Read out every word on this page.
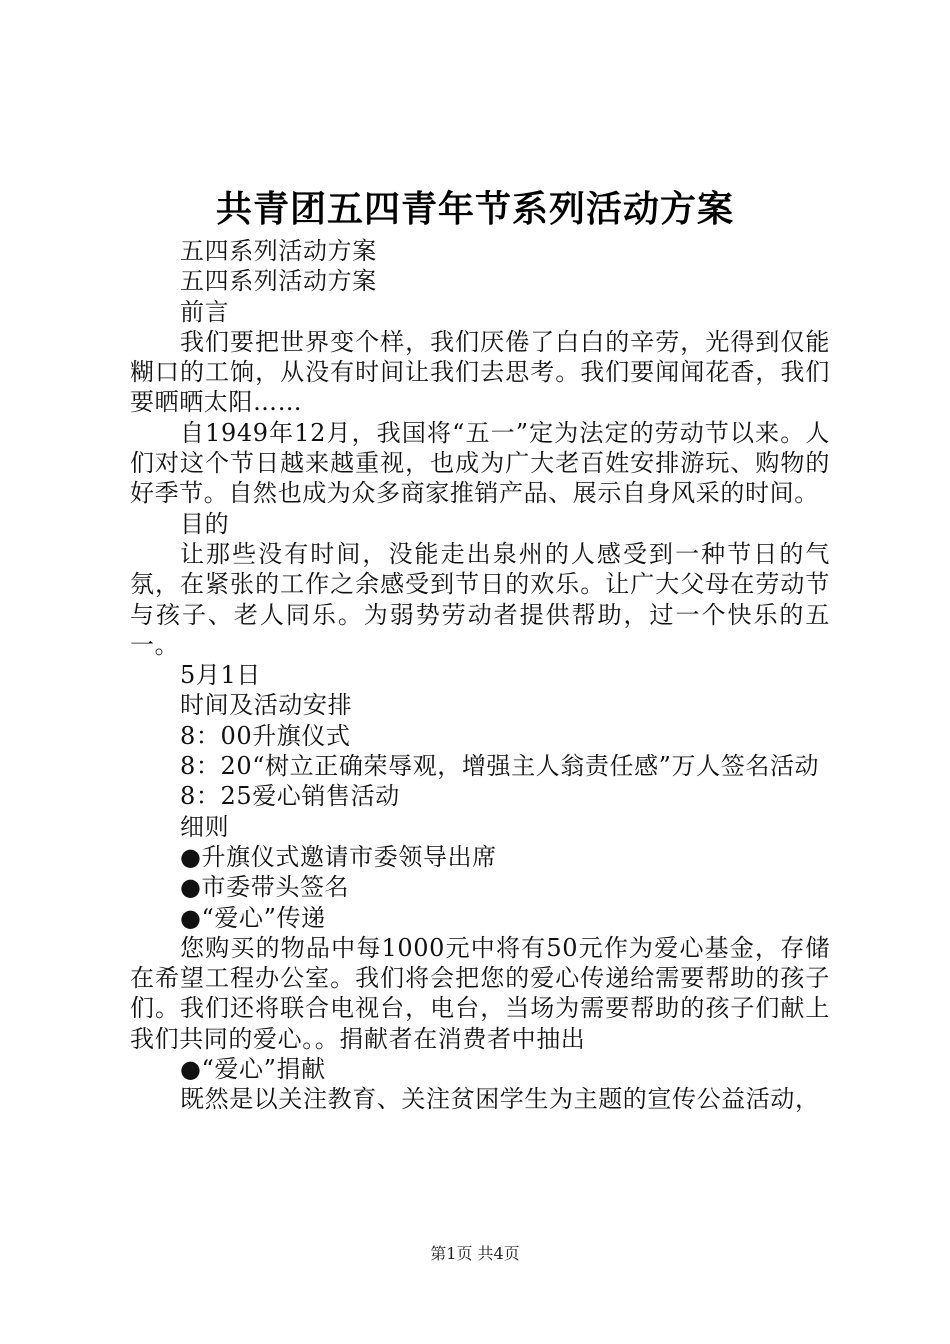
共青团五四青年节系列活动方案

五四系列活动方案

五四系列活动方案

前言

我们要把世界变个样，我们厌倦了白白的辛劳，光得到仅能糊口的工饷，从没有时间让我们去思考。我们要闻闻花香，我们要晒晒太阳……

自1949年12月，我国将“五一”定为法定的劳动节以来。人们对这个节日越来越重视，也成为广大老百姓安排游玩、购物的好季节。自然也成为众多商家推销产品、展示自身风采的时间。

目的

让那些没有时间，没能走出泉州的人感受到一种节日的气氛，在紧张的工作之余感受到节日的欢乐。让广大父母在劳动节与孩子、老人同乐。为弱势劳动者提供帮助，过一个快乐的五一。

5月1日

时间及活动安排

8：00升旗仪式

8：20“树立正确荣辱观，增强主人翁责任感”万人签名活动

8：25爱心销售活动

细则

●升旗仪式邀请市委领导出席

●市委带头签名

●“爱心”传递

您购买的物品中每1000元中将有50元作为爱心基金，存储在希望工程办公室。我们将会把您的爱心传递给需要帮助的孩子们。我们还将联合电视台，电台，当场为需要帮助的孩子们献上我们共同的爱心。。捐献者在消费者中抽出

●“爱心”捐献

既然是以关注教育、关注贫困学生为主题的宣传公益活动，

第1页 共4页
